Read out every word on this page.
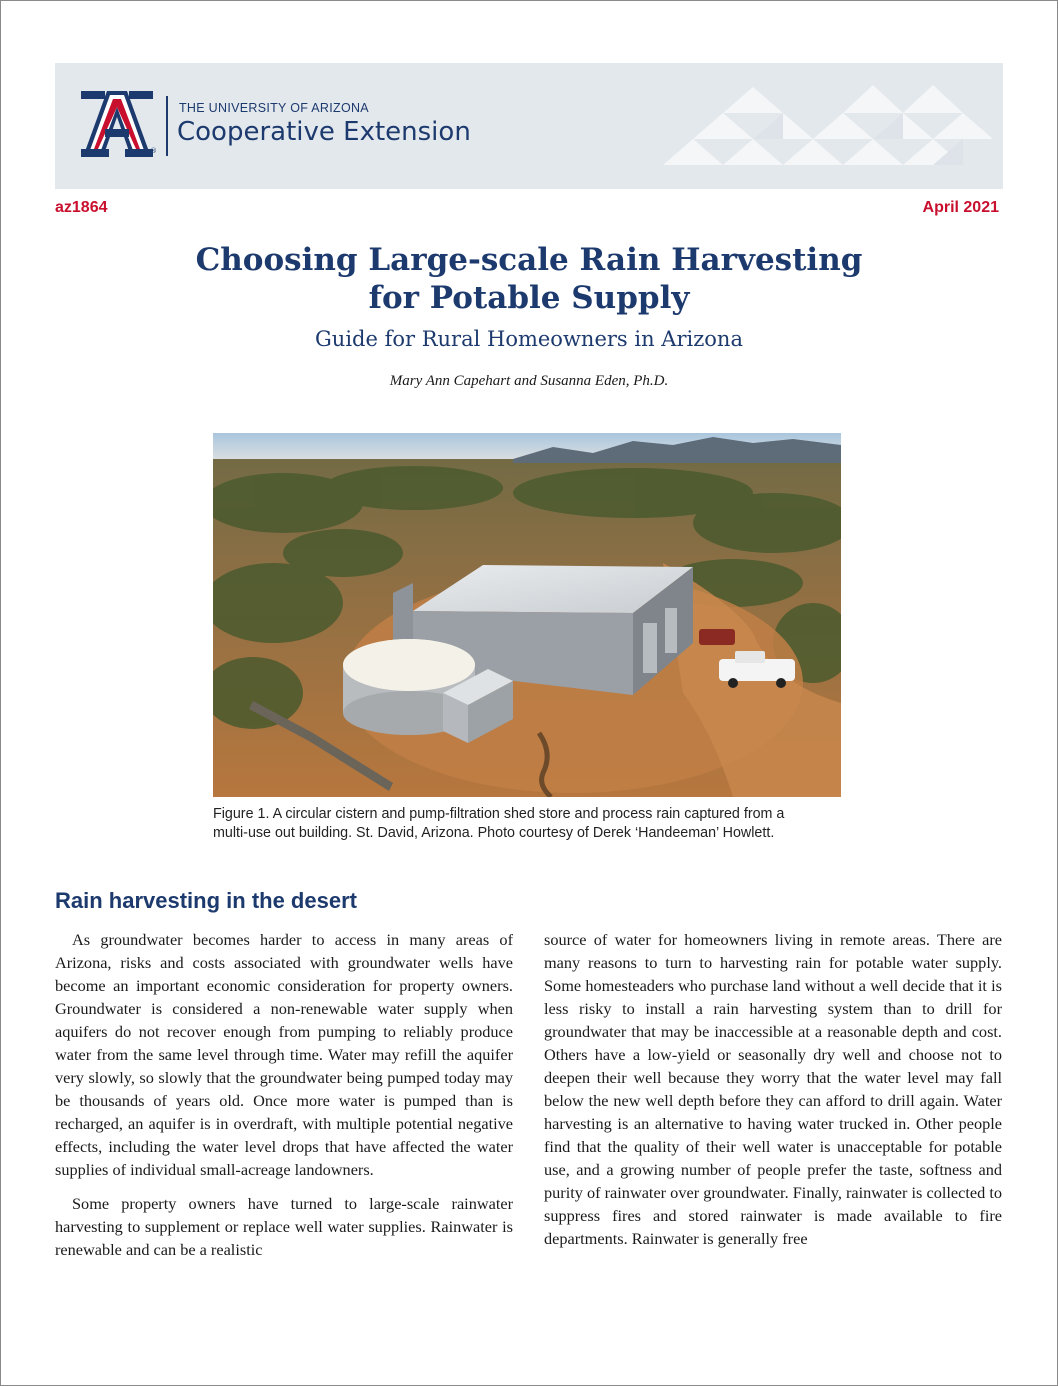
®
THE UNIVERSITY OF ARIZONA
Cooperative Extension
az1864	April 2021
Choosing Large-scale Rain Harvesting
for Potable Supply
Guide for Rural Homeowners in Arizona
Mary Ann Capehart and Susanna Eden, Ph.D.
Figure 1. A circular cistern and pump-filtration shed store and process rain captured from a
multi-use out building. St. David, Arizona. Photo courtesy of Derek ‘Handeeman’ Howlett.
Rain harvesting in the desert

As groundwater becomes harder to access in many areas of Arizona, risks and costs associated with groundwater wells have become an important economic consideration for property owners. Groundwater is considered a non-renewable water supply when aquifers do not recover enough from pumping to reliably produce water from the same level through time. Water may refill the aquifer very slowly, so slowly that the groundwater being pumped today may be thousands of years old. Once more water is pumped than is recharged, an aquifer is in overdraft, with multiple potential negative effects, including the water level drops that have affected the water supplies of individual small-acreage landowners.

Some property owners have turned to large-scale rainwater harvesting to supplement or replace well water supplies. Rainwater is renewable and can be a realistic

source of water for homeowners living in remote areas. There are many reasons to turn to harvesting rain for potable water supply. Some homesteaders who purchase land without a well decide that it is less risky to install a rain harvesting system than to drill for groundwater that may be inaccessible at a reasonable depth and cost. Others have a low-yield or seasonally dry well and choose not to deepen their well because they worry that the water level may fall below the new well depth before they can afford to drill again. Water harvesting is an alternative to having water trucked in. Other people find that the quality of their well water is unacceptable for potable use, and a growing number of people prefer the taste, softness and purity of rainwater over groundwater. Finally, rainwater is collected to suppress fires and stored rainwater is made available to fire departments. Rainwater is generally free
